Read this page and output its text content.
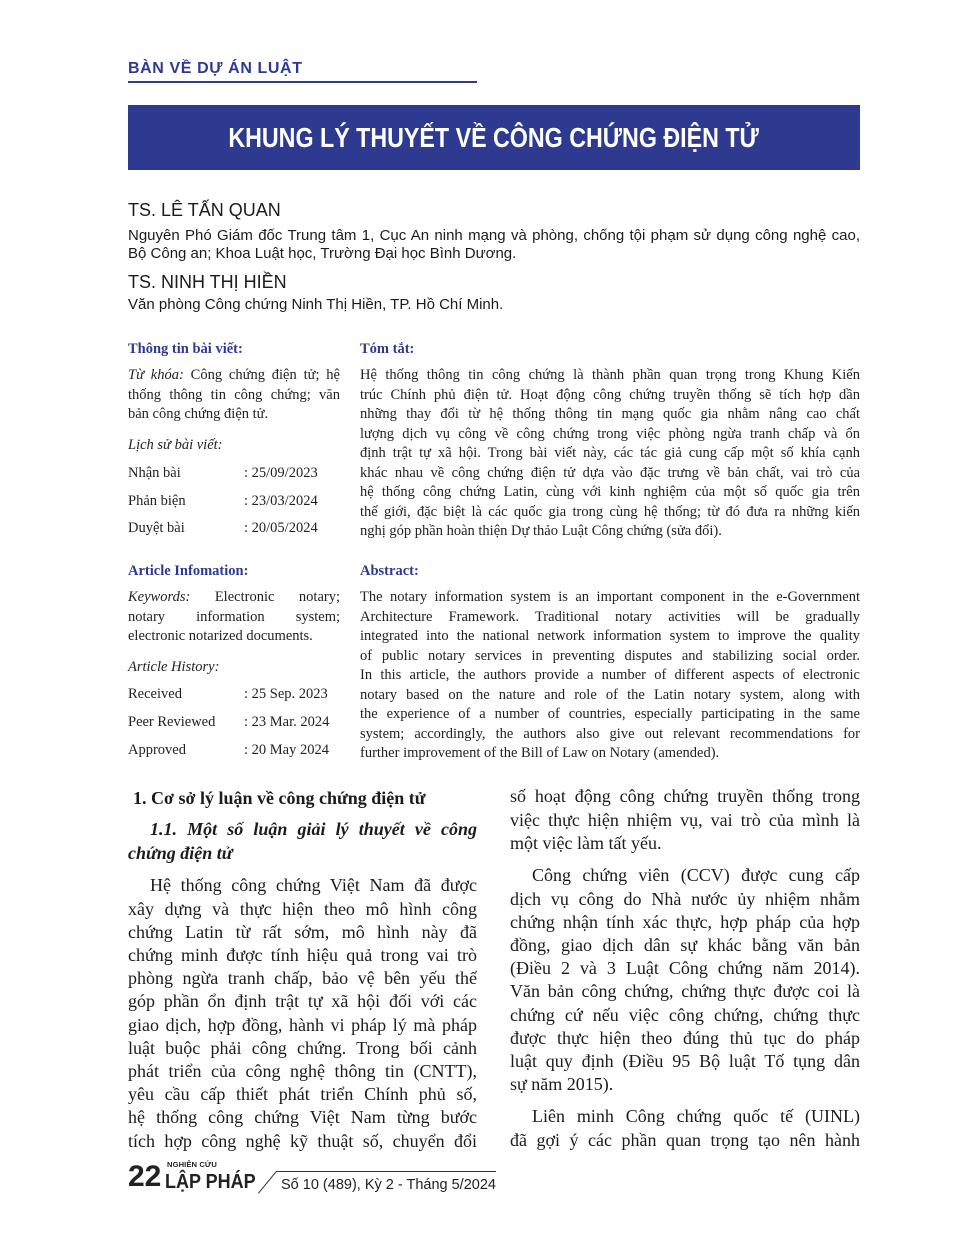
BÀN VỀ DỰ ÁN LUẬT
KHUNG LÝ THUYẾT VỀ CÔNG CHỨNG ĐIỆN TỬ
TS. LÊ TẤN QUAN
Nguyên Phó Giám đốc Trung tâm 1, Cục An ninh mạng và phòng, chống tội phạm sử dụng công nghệ cao,
Bộ Công an; Khoa Luật học, Trường Đại học Bình Dương.
TS. NINH THỊ HIỀN
Văn phòng Công chứng Ninh Thị Hiền, TP. Hồ Chí Minh.
Thông tin bài viết:
Từ khóa: Công chứng điện tử; hệ
thống thông tin công chứng; văn
bản công chứng điện tử.
Lịch sử bài viết:
Nhận bài	: 25/09/2023
Phản biện	: 23/03/2024
Duyệt bài	: 20/05/2024
Tóm tắt:
Hệ thống thông tin công chứng là thành phần quan trọng trong Khung Kiến
trúc Chính phủ điện tử. Hoạt động công chứng truyền thống sẽ tích hợp dần
những thay đổi từ hệ thống thông tin mạng quốc gia nhằm nâng cao chất
lượng dịch vụ công về công chứng trong việc phòng ngừa tranh chấp và ổn
định trật tự xã hội. Trong bài viết này, các tác giả cung cấp một số khía cạnh
khác nhau về công chứng điện tử dựa vào đặc trưng về bản chất, vai trò của
hệ thống công chứng Latin, cùng với kinh nghiệm của một số quốc gia trên
thế giới, đặc biệt là các quốc gia trong cùng hệ thống; từ đó đưa ra những kiến
nghị góp phần hoàn thiện Dự thảo Luật Công chứng (sửa đổi).
Article Infomation:
Keywords: Electronic notary;
notary information system;
electronic notarized documents.
Article History:
Received	: 25 Sep. 2023
Peer Reviewed : 23 Mar. 2024
Approved	: 20 May 2024
Abstract:
The notary information system is an important component in the e-Government
Architecture Framework. Traditional notary activities will be gradually
integrated into the national network information system to improve the quality
of public notary services in preventing disputes and stabilizing social order.
In this article, the authors provide a number of different aspects of electronic
notary based on the nature and role of the Latin notary system, along with
the experience of a number of countries, especially participating in the same
system; accordingly, the authors also give out relevant recommendations for
further improvement of the Bill of Law on Notary (amended).
1. Cơ sở lý luận về công chứng điện tử
1.1. Một số luận giải lý thuyết về công
chứng điện tử
Hệ thống công chứng Việt Nam đã được
xây dựng và thực hiện theo mô hình công
chứng Latin từ rất sớm, mô hình này đã
chứng minh được tính hiệu quả trong vai trò
phòng ngừa tranh chấp, bảo vệ bên yếu thế
góp phần ổn định trật tự xã hội đối với các
giao dịch, hợp đồng, hành vi pháp lý mà pháp
luật buộc phải công chứng. Trong bối cảnh
phát triển của công nghệ thông tin (CNTT),
yêu cầu cấp thiết phát triển Chính phủ số,
hệ thống công chứng Việt Nam từng bước
tích hợp công nghệ kỹ thuật số, chuyển đổi
số hoạt động công chứng truyền thống trong
việc thực hiện nhiệm vụ, vai trò của mình là
một việc làm tất yếu.
Công chứng viên (CCV) được cung cấp
dịch vụ công do Nhà nước ủy nhiệm nhằm
chứng nhận tính xác thực, hợp pháp của hợp
đồng, giao dịch dân sự khác bằng văn bản
(Điều 2 và 3 Luật Công chứng năm 2014).
Văn bản công chứng, chứng thực được coi là
chứng cứ nếu việc công chứng, chứng thực
được thực hiện theo đúng thủ tục do pháp
luật quy định (Điều 95 Bộ luật Tố tụng dân
sự năm 2015).
Liên minh Công chứng quốc tế (UINL)
đã gợi ý các phần quan trọng tạo nên hành
22 NGHIÊN CỨU
LẬP PHÁP Số 10 (489), Kỳ 2 - Tháng 5/2024
